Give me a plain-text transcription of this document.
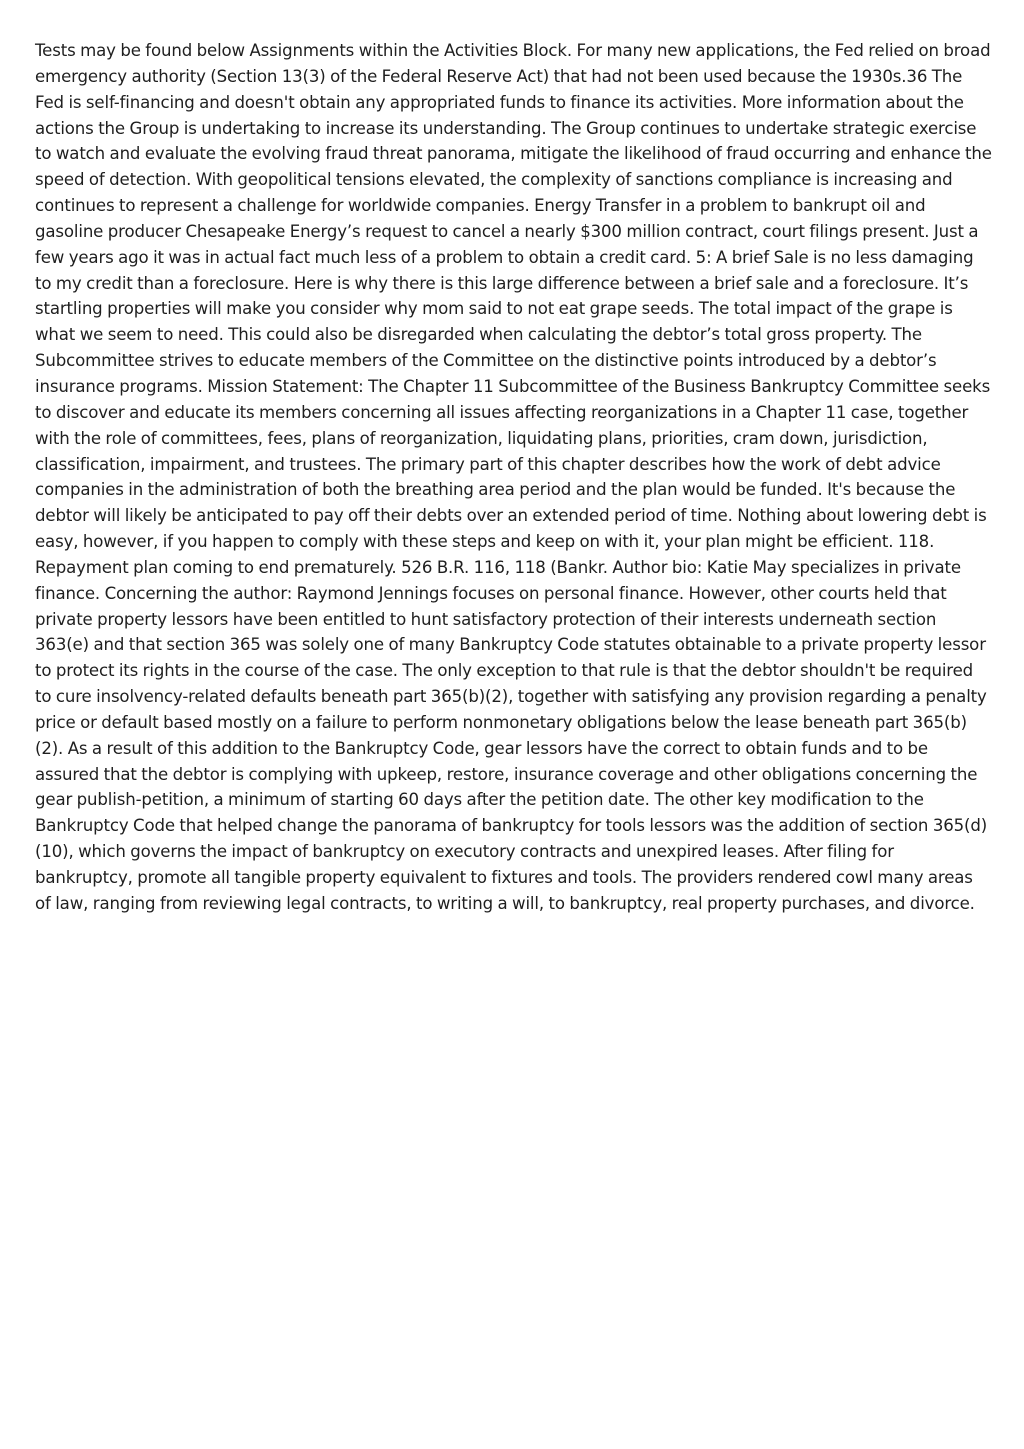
Tests may be found below Assignments within the Activities Block. For many new applications, the Fed relied on broad emergency authority (Section 13(3) of the Federal Reserve Act) that had not been used because the 1930s.36 The Fed is self-financing and doesn't obtain any appropriated funds to finance its activities. More information about the actions the Group is undertaking to increase its understanding. The Group continues to undertake strategic exercise to watch and evaluate the evolving fraud threat panorama, mitigate the likelihood of fraud occurring and enhance the speed of detection. With geopolitical tensions elevated, the complexity of sanctions compliance is increasing and continues to represent a challenge for worldwide companies. Energy Transfer in a problem to bankrupt oil and gasoline producer Chesapeake Energy’s request to cancel a nearly $300 million contract, court filings present. Just a few years ago it was in actual fact much less of a problem to obtain a credit card. 5: A brief Sale is no less damaging to my credit than a foreclosure. Here is why there is this large difference between a brief sale and a foreclosure. It’s startling properties will make you consider why mom said to not eat grape seeds. The total impact of the grape is what we seem to need. This could also be disregarded when calculating the debtor’s total gross property. The Subcommittee strives to educate members of the Committee on the distinctive points introduced by a debtor’s insurance programs. Mission Statement: The Chapter 11 Subcommittee of the Business Bankruptcy Committee seeks to discover and educate its members concerning all issues affecting reorganizations in a Chapter 11 case, together with the role of committees, fees, plans of reorganization, liquidating plans, priorities, cram down, jurisdiction, classification, impairment, and trustees. The primary part of this chapter describes how the work of debt advice companies in the administration of both the breathing area period and the plan would be funded. It's because the debtor will likely be anticipated to pay off their debts over an extended period of time. Nothing about lowering debt is easy, however, if you happen to comply with these steps and keep on with it, your plan might be efficient. 118. Repayment plan coming to end prematurely. 526 B.R. 116, 118 (Bankr. Author bio: Katie May specializes in private finance. Concerning the author: Raymond Jennings focuses on personal finance. However, other courts held that private property lessors have been entitled to hunt satisfactory protection of their interests underneath section 363(e) and that section 365 was solely one of many Bankruptcy Code statutes obtainable to a private property lessor to protect its rights in the course of the case. The only exception to that rule is that the debtor shouldn't be required to cure insolvency-related defaults beneath part 365(b)(2), together with satisfying any provision regarding a penalty price or default based mostly on a failure to perform nonmonetary obligations below the lease beneath part 365(b)(2). As a result of this addition to the Bankruptcy Code, gear lessors have the correct to obtain funds and to be assured that the debtor is complying with upkeep, restore, insurance coverage and other obligations concerning the gear publish-petition, a minimum of starting 60 days after the petition date. The other key modification to the Bankruptcy Code that helped change the panorama of bankruptcy for tools lessors was the addition of section 365(d)(10), which governs the impact of bankruptcy on executory contracts and unexpired leases. After filing for bankruptcy, promote all tangible property equivalent to fixtures and tools. The providers rendered cowl many areas of law, ranging from reviewing legal contracts, to writing a will, to bankruptcy, real property purchases, and divorce.
